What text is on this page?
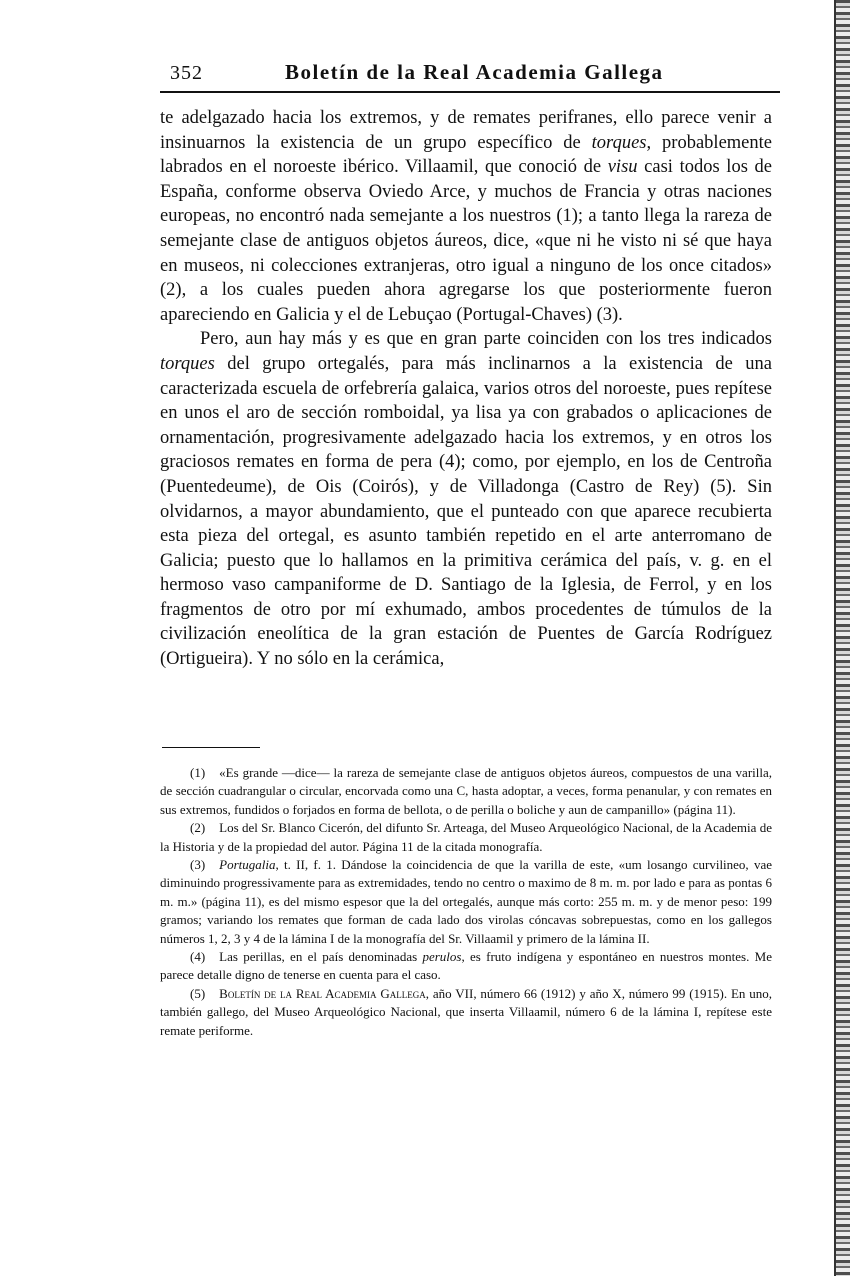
352	Boletín de la Real Academia Gallega

te adelgazado hacia los extremos, y de remates perifranes, ello parece venir a insinuarnos la existencia de un grupo específico de torques, probablemente labrados en el noroeste ibérico. Villaamil, que conoció de visu casi todos los de España, conforme observa Oviedo Arce, y muchos de Francia y otras naciones europeas, no encontró nada semejante a los nuestros (1); a tanto llega la rareza de semejante clase de antiguos objetos áureos, dice, «que ni he visto ni sé que haya en museos, ni colecciones extranjeras, otro igual a ninguno de los once citados» (2), a los cuales pueden ahora agregarse los que posteriormente fueron apareciendo en Galicia y el de Lebuçao (Portugal-Chaves) (3).

Pero, aun hay más y es que en gran parte coinciden con los tres indicados torques del grupo ortegalés, para más inclinarnos a la existencia de una caracterizada escuela de orfebrería galaica, varios otros del noroeste, pues repítese en unos el aro de sección romboidal, ya lisa ya con grabados o aplicaciones de ornamentación, progresivamente adelgazado hacia los extremos, y en otros los graciosos remates en forma de pera (4); como, por ejemplo, en los de Centroña (Puentedeume), de Ois (Coirós), y de Villadonga (Castro de Rey) (5). Sin olvidarnos, a mayor abundamiento, que el punteado con que aparece recubierta esta pieza del ortegal, es asunto también repetido en el arte anterromano de Galicia; puesto que lo hallamos en la primitiva cerámica del país, v. g. en el hermoso vaso campaniforme de D. Santiago de la Iglesia, de Ferrol, y en los fragmentos de otro por mí exhumado, ambos procedentes de túmulos de la civilización eneolítica de la gran estación de Puentes de García Rodríguez (Ortigueira). Y no sólo en la cerámica,

(1) «Es grande —dice— la rareza de semejante clase de antiguos objetos áureos, compuestos de una varilla, de sección cuadrangular o circular, encorvada como una C, hasta adoptar, a veces, forma penanular, y con remates en sus extremos, fundidos o forjados en forma de bellota, o de perilla o boliche y aun de campanillo» (página 11).

(2) Los del Sr. Blanco Cicerón, del difunto Sr. Arteaga, del Museo Arqueológico Nacional, de la Academia de la Historia y de la propiedad del autor. Página 11 de la citada monografía.

(3) Portugalia, t. II, f. 1. Dándose la coincidencia de que la varilla de este, «um losango curvilineo, vae diminuindo progressivamente para as extremidades, tendo no centro o maximo de 8 m. m. por lado e para as pontas 6 m. m.» (página 11), es del mismo espesor que la del ortegalés, aunque más corto: 255 m. m. y de menor peso: 199 gramos; variando los remates que forman de cada lado dos virolas cóncavas sobrepuestas, como en los gallegos números 1, 2, 3 y 4 de la lámina I de la monografía del Sr. Villaamil y primero de la lámina II.

(4) Las perillas, en el país denominadas perulos, es fruto indígena y espontáneo en nuestros montes. Me parece detalle digno de tenerse en cuenta para el caso.

(5) Boletín de la Real Academia Gallega, año VII, número 66 (1912) y año X, número 99 (1915). En uno, también gallego, del Museo Arqueológico Nacional, que inserta Villaamil, número 6 de la lámina I, repítese este remate periforme.
